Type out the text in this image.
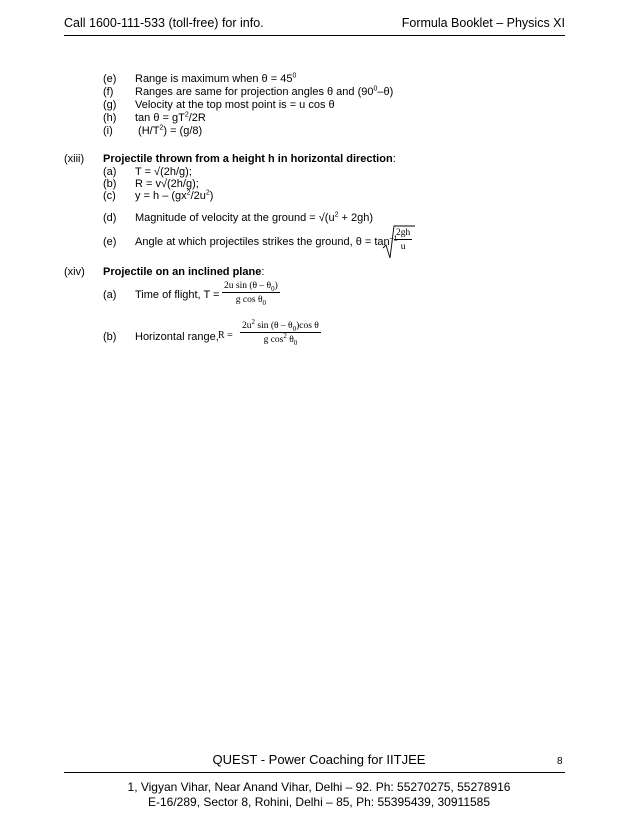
Call 1600-111-533 (toll-free) for info.	Formula Booklet – Physics XI
(e) Range is maximum when $\theta = 45^0$
(f) Ranges are same for projection angles θ and $(90^0-\theta)$
(g) Velocity at the top most point is = u cos θ
(h) $\tan \theta = gT^2/2R$
(i) $(H/T^2) = (g/8)$
(xiii) Projectile thrown from a height h in horizontal direction:
(a) T = √(2h/g);
(b) R = v√(2h/g);
(c) $y = h - (gx^2/2u^2)$
(d) Magnitude of velocity at the ground = $√(u^2 + 2gh)$
(e) Angle at which projectiles strikes the ground, $\theta = \tan^{-1}$
$\frac{2gh}{u}$
(xiv) Projectile on an inclined plane:
(a) Time of flight, $T = \frac{2u \sin (\theta - \theta_0)}{g \cos \theta_0}$
(b) Horizontal range, $R = \frac{2u^2 \sin (\theta - \theta_0)\cos \theta}{g \cos^2 \theta_0}$
QUEST - Power Coaching for IITJEE	8
1, Vigyan Vihar, Near Anand Vihar, Delhi – 92. Ph: 55270275, 55278916
E-16/289, Sector 8, Rohini, Delhi – 85, Ph: 55395439, 30911585
